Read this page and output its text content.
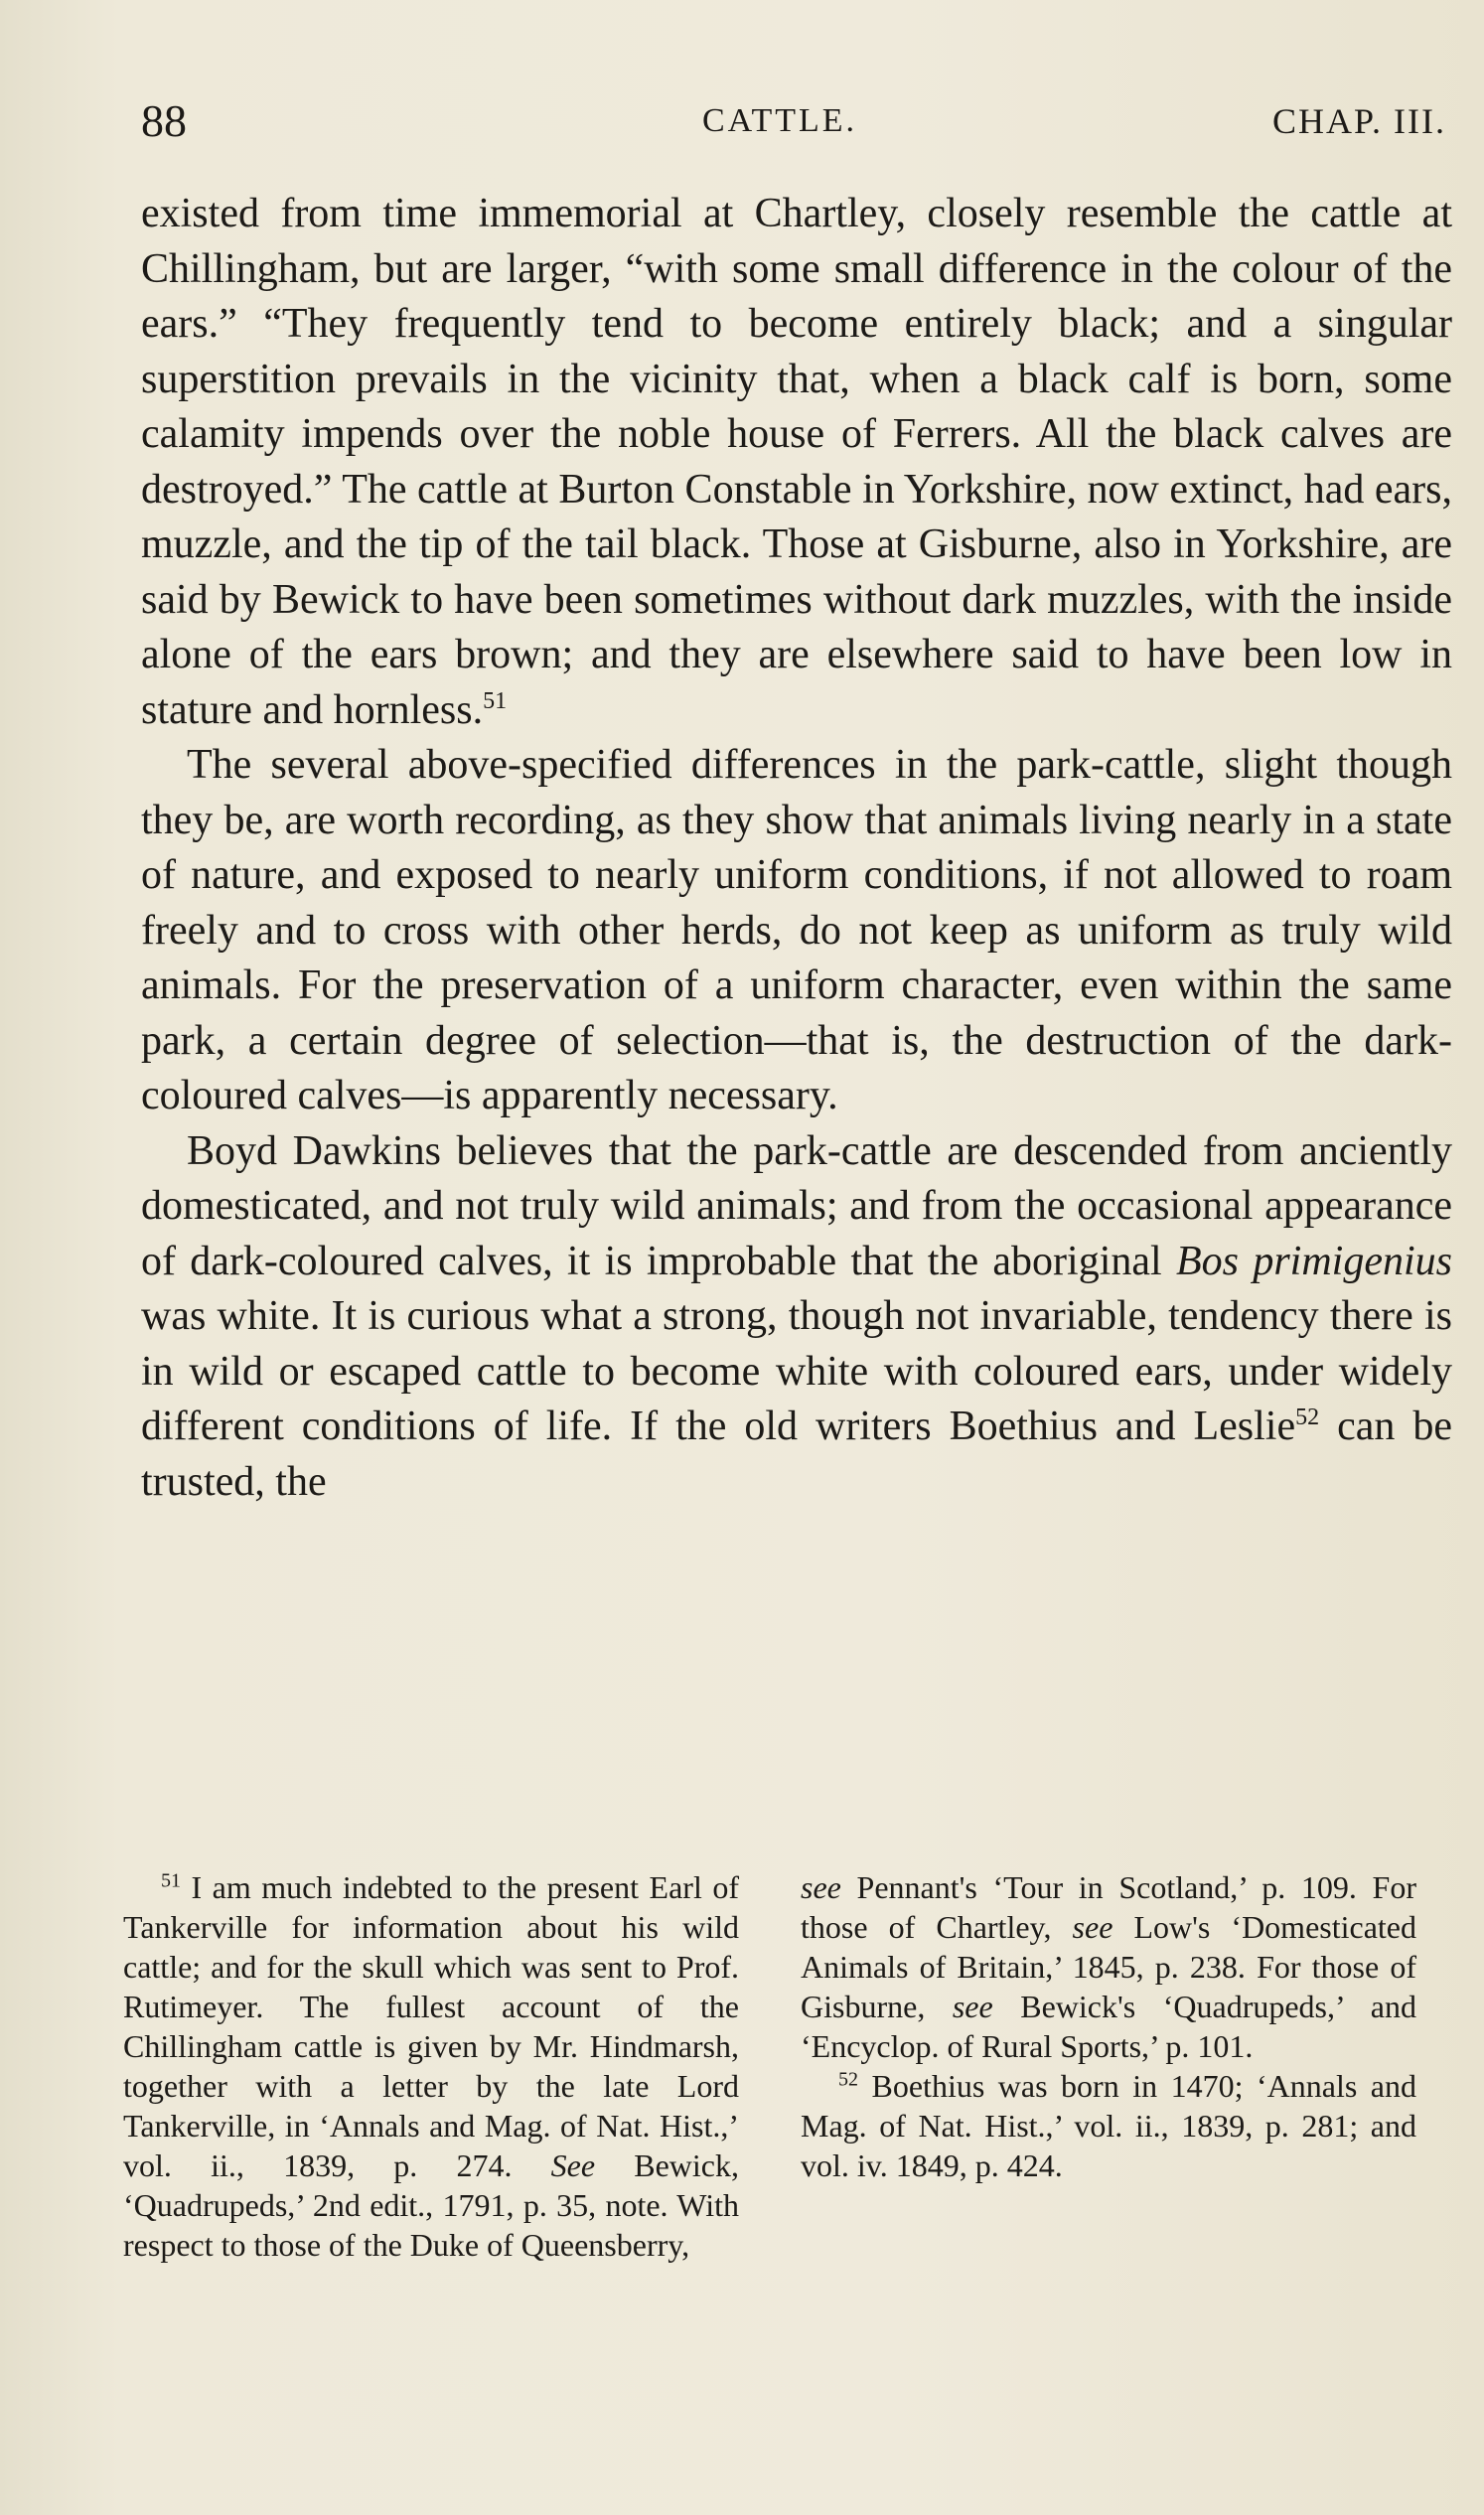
88	CATTLE.	CHAP. III.

existed from time immemorial at Chartley, closely resemble the cattle at Chillingham, but are larger, “with some small difference in the colour of the ears.” “They frequently tend to become entirely black; and a singular superstition prevails in the vicinity that, when a black calf is born, some calamity impends over the noble house of Ferrers. All the black calves are destroyed.” The cattle at Burton Constable in Yorkshire, now extinct, had ears, muzzle, and the tip of the tail black. Those at Gisburne, also in Yorkshire, are said by Bewick to have been sometimes without dark muzzles, with the inside alone of the ears brown; and they are elsewhere said to have been low in stature and hornless.$^{51}$

The several above-specified differences in the park-cattle, slight though they be, are worth recording, as they show that animals living nearly in a state of nature, and exposed to nearly uniform conditions, if not allowed to roam freely and to cross with other herds, do not keep as uniform as truly wild animals. For the preservation of a uniform character, even within the same park, a certain degree of selection—that is, the destruction of the dark-coloured calves—is apparently necessary.

Boyd Dawkins believes that the park-cattle are descended from anciently domesticated, and not truly wild animals; and from the occasional appearance of dark-coloured calves, it is improbable that the aboriginal Bos primigenius was white. It is curious what a strong, though not invariable, tendency there is in wild or escaped cattle to become white with coloured ears, under widely different conditions of life. If the old writers Boethius and Leslie$^{52}$ can be trusted, the

$^{51}$ I am much indebted to the present Earl of Tankerville for information about his wild cattle; and for the skull which was sent to Prof. Rutimeyer. The fullest account of the Chillingham cattle is given by Mr. Hindmarsh, together with a letter by the late Lord Tankerville, in ‘Annals and Mag. of Nat. Hist.,’ vol. ii., 1839, p. 274. See Bewick, ‘Quadrupeds,’ 2nd edit., 1791, p. 35, note. With respect to those of the Duke of Queensberry,

see Pennant's ‘Tour in Scotland,’ p. 109. For those of Chartley, see Low's ‘Domesticated Animals of Britain,’ 1845, p. 238. For those of Gisburne, see Bewick's ‘Quadrupeds,’ and ‘Encyclop. of Rural Sports,’ p. 101.

$^{52}$ Boethius was born in 1470; ‘Annals and Mag. of Nat. Hist.,’ vol. ii., 1839, p. 281; and vol. iv. 1849, p. 424.
